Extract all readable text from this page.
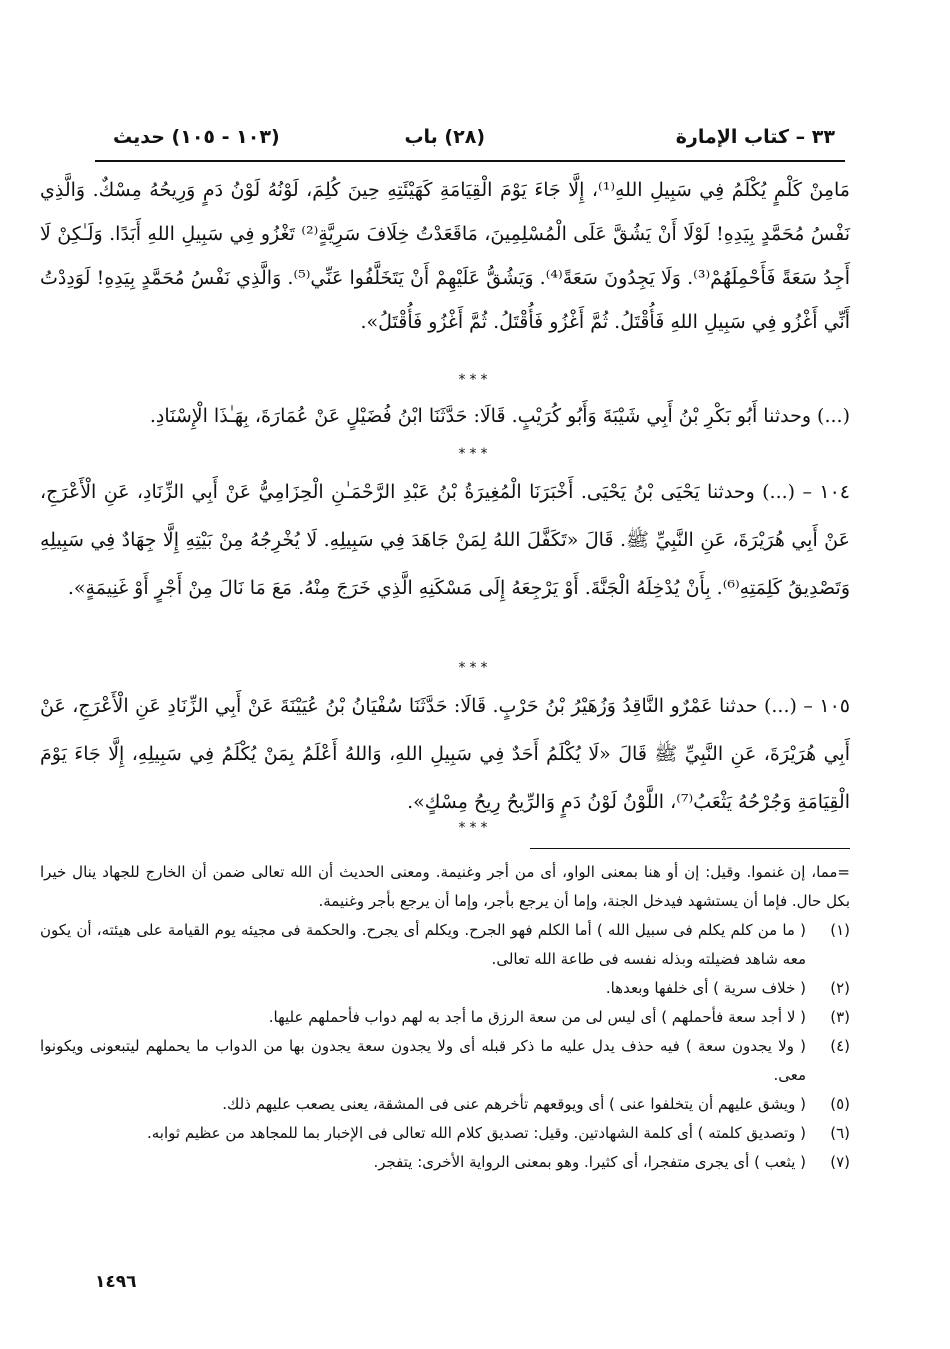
٣٣ – كتاب الإمارة
(٢٨) باب
(١٠٣ - ١٠٥) حديث
مَامِنْ كَلْمٍ يُكْلَمُ فِي سَبِيلِ اللهِ⁽¹⁾، إِلَّا جَاءَ يَوْمَ الْقِيَامَةِ كَهَيْئَتِهِ حِينَ كُلِمَ، لَوْنُهُ لَوْنُ دَمٍ وَرِيحُهُ مِسْكٌ. وَالَّذِي نَفْسُ مُحَمَّدٍ بِيَدِهِ! لَوْلَا أَنْ يَشُقَّ عَلَى الْمُسْلِمِينَ، مَاقَعَدْتُ خِلَافَ سَرِيَّةٍ⁽²⁾ تَغْزُو فِي سَبِيلِ اللهِ أَبَدًا. وَلَـٰكِنْ لَا أَجِدُ سَعَةً فَأَحْمِلَهُمْ⁽³⁾. وَلَا يَجِدُونَ سَعَةً⁽⁴⁾. وَيَشُقُّ عَلَيْهِمْ أَنْ يَتَخَلَّفُوا عَنِّي⁽⁵⁾. وَالَّذِي نَفْسُ مُحَمَّدٍ بِيَدِهِ! لَوَدِدْتُ أَنِّي أَغْزُو فِي سَبِيلِ اللهِ فَأُقْتَلُ. ثُمَّ أَغْزُو فَأُقْتَلُ. ثُمَّ أَغْزُو فَأُقْتَلُ».
***
(...) وحدثنا أَبُو بَكْرِ بْنُ أَبِي شَيْبَةَ وَأَبُو كُرَيْبٍ. قَالَا: حَدَّثَنَا ابْنُ فُضَيْلٍ عَنْ عُمَارَةَ، بِهَـٰذَا الْإِسْنَادِ.
***
١٠٤ – (...) وحدثنا يَحْيَى بْنُ يَحْيَى. أَخْبَرَنَا الْمُغِيرَةُ بْنُ عَبْدِ الرَّحْمَـٰنِ الْحِزَامِيُّ عَنْ أَبِي الزِّنَادِ، عَنِ الْأَعْرَجِ، عَنْ أَبِي هُرَيْرَةَ، عَنِ النَّبِيِّ ﷺ. قَالَ «تَكَفَّلَ اللهُ لِمَنْ جَاهَدَ فِي سَبِيلِهِ. لَا يُخْرِجُهُ مِنْ بَيْتِهِ إِلَّا جِهَادٌ فِي سَبِيلِهِ وَتَصْدِيقُ كَلِمَتِهِ⁽⁶⁾. بِأَنْ يُدْخِلَهُ الْجَنَّةَ. أَوْ يَرْجِعَهُ إِلَى مَسْكَنِهِ الَّذِي خَرَجَ مِنْهُ. مَعَ مَا نَالَ مِنْ أَجْرٍ أَوْ غَنِيمَةٍ».
***
١٠٥ – (...) حدثنا عَمْرٌو النَّاقِدُ وَزُهَيْرُ بْنُ حَرْبٍ. قَالَا: حَدَّثَنَا سُفْيَانُ بْنُ عُيَيْنَةَ عَنْ أَبِي الزِّنَادِ عَنِ الْأَعْرَجِ، عَنْ أَبِي هُرَيْرَةَ، عَنِ النَّبِيِّ ﷺ قَالَ «لَا يُكْلَمُ أَحَدٌ فِي سَبِيلِ اللهِ، وَاللهُ أَعْلَمُ بِمَنْ يُكْلَمُ فِي سَبِيلِهِ، إِلَّا جَاءَ يَوْمَ الْقِيَامَةِ وَجُرْحُهُ يَثْعَبُ⁽⁷⁾، اللَّوْنُ لَوْنُ دَمٍ وَالرِّيحُ رِيحُ مِسْكٍ».
***

=مما، إن غنموا. وقيل: إن أو هنا بمعنى الواو، أى من أجر وغنيمة. ومعنى الحديث أن الله تعالى ضمن أن الخارج للجهاد ينال خيرا بكل حال. فإما أن يستشهد فيدخل الجنة، وإما أن يرجع بأجر، وإما أن يرجع بأجر وغنيمة.

(١)
( ما من كلم يكلم فى سبيل الله ) أما الكلم فهو الجرح. ويكلم أى يجرح. والحكمة فى مجيئه يوم القيامة على هيئته، أن يكون معه شاهد فضيلته وبذله نفسه فى طاعة الله تعالى.

(٢)
( خلاف سرية ) أى خلفها وبعدها.

(٣)
( لا أجد سعة فأحملهم ) أى ليس لى من سعة الرزق ما أجد به لهم دواب فأحملهم عليها.

(٤)
( ولا يجدون سعة ) فيه حذف يدل عليه ما ذكر قبله أى ولا يجدون سعة يجدون بها من الدواب ما يحملهم ليتبعونى ويكونوا معى.

(٥)
( ويشق عليهم أن يتخلفوا عنى ) أى ويوقعهم تأخرهم عنى فى المشقة، يعنى يصعب عليهم ذلك.

(٦)
( وتصديق كلمته ) أى كلمة الشهادتين. وقيل: تصديق كلام الله تعالى فى الإخبار بما للمجاهد من عظيم ثوابه.

(٧)
( يثعب ) أى يجرى متفجرا، أى كثيرا. وهو بمعنى الرواية الأخرى: يتفجر.

١٤٩٦
